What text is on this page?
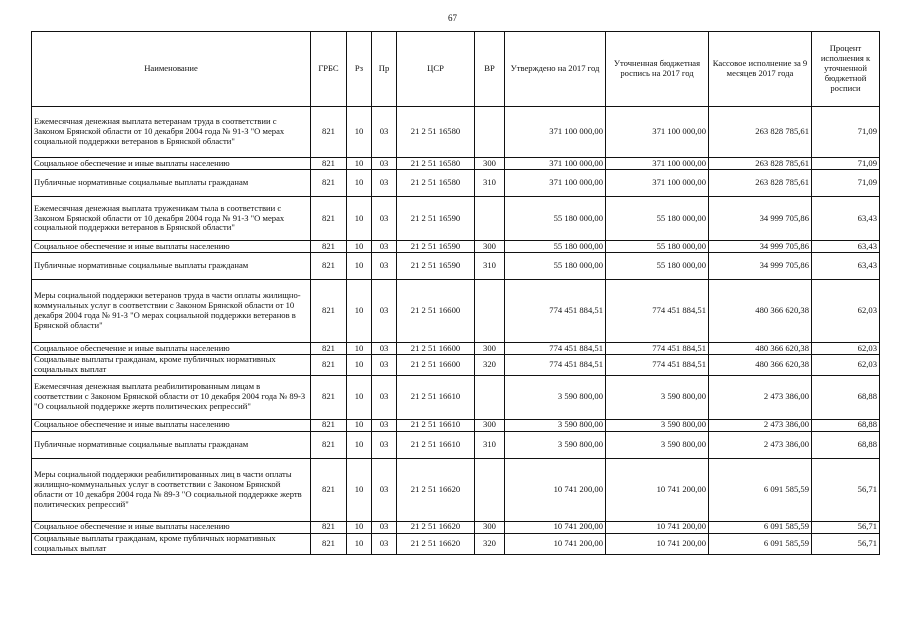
67
Наименование	ГРБС	Рз	Пр	ЦСР	ВР	Утверждено на 2017 год	Уточненная бюджетная роспись на 2017 год	Кассовое исполнение за 9 месяцев 2017 года	Процент исполнения к уточненной бюджетной росписи
Ежемесячная денежная выплата ветеранам труда в соответствии с Законом Брянской области от 10 декабря 2004 года № 91-З "О мерах социальной поддержки ветеранов в Брянской области"	821	10	03	21 2 51 16580		371 100 000,00	371 100 000,00	263 828 785,61	71,09
Социальное обеспечение и иные выплаты населению	821	10	03	21 2 51 16580	300	371 100 000,00	371 100 000,00	263 828 785,61	71,09
Публичные нормативные социальные выплаты гражданам	821	10	03	21 2 51 16580	310	371 100 000,00	371 100 000,00	263 828 785,61	71,09
Ежемесячная денежная выплата труженикам тыла в соответствии с Законом Брянской области от 10 декабря 2004 года № 91-З "О мерах социальной поддержки ветеранов в Брянской области"	821	10	03	21 2 51 16590		55 180 000,00	55 180 000,00	34 999 705,86	63,43
Социальное обеспечение и иные выплаты населению	821	10	03	21 2 51 16590	300	55 180 000,00	55 180 000,00	34 999 705,86	63,43
Публичные нормативные социальные выплаты гражданам	821	10	03	21 2 51 16590	310	55 180 000,00	55 180 000,00	34 999 705,86	63,43
Меры социальной поддержки ветеранов труда в части оплаты жилищно-коммунальных услуг в соответствии с Законом Брянской области от 10 декабря 2004 года № 91-З "О мерах социальной поддержки ветеранов в Брянской области"	821	10	03	21 2 51 16600		774 451 884,51	774 451 884,51	480 366 620,38	62,03
Социальное обеспечение и иные выплаты населению	821	10	03	21 2 51 16600	300	774 451 884,51	774 451 884,51	480 366 620,38	62,03
Социальные выплаты гражданам, кроме публичных нормативных социальных выплат	821	10	03	21 2 51 16600	320	774 451 884,51	774 451 884,51	480 366 620,38	62,03
Ежемесячная денежная выплата реабилитированным лицам в соответствии с Законом Брянской области от 10 декабря 2004 года № 89-З "О социальной поддержке жертв политических репрессий"	821	10	03	21 2 51 16610		3 590 800,00	3 590 800,00	2 473 386,00	68,88
Социальное обеспечение и иные выплаты населению	821	10	03	21 2 51 16610	300	3 590 800,00	3 590 800,00	2 473 386,00	68,88
Публичные нормативные социальные выплаты гражданам	821	10	03	21 2 51 16610	310	3 590 800,00	3 590 800,00	2 473 386,00	68,88
Меры социальной поддержки реабилитированных лиц в части оплаты жилищно-коммунальных услуг в соответствии с Законом Брянской области от 10 декабря 2004 года № 89-З "О социальной поддержке жертв политических репрессий"	821	10	03	21 2 51 16620		10 741 200,00	10 741 200,00	6 091 585,59	56,71
Социальное обеспечение и иные выплаты населению	821	10	03	21 2 51 16620	300	10 741 200,00	10 741 200,00	6 091 585,59	56,71
Социальные выплаты гражданам, кроме публичных нормативных социальных выплат	821	10	03	21 2 51 16620	320	10 741 200,00	10 741 200,00	6 091 585,59	56,71
